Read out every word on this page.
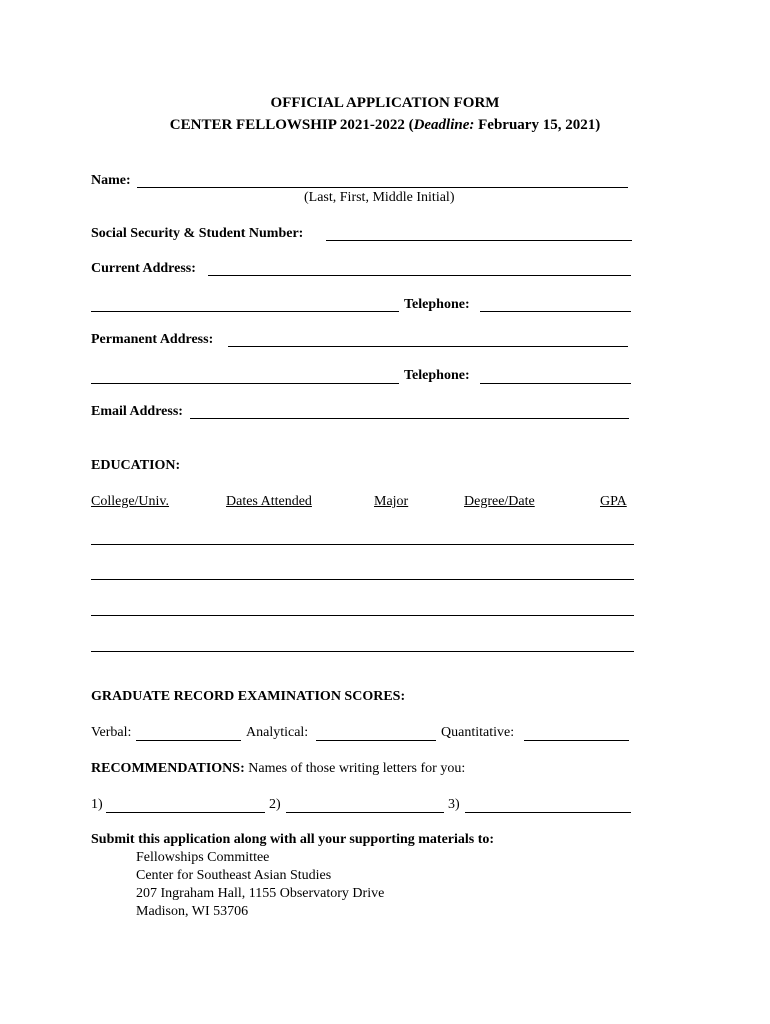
OFFICIAL APPLICATION FORM
CENTER FELLOWSHIP 2021-2022 (Deadline: February 15, 2021)
Name:
(Last, First, Middle Initial)
Social Security & Student Number:
Current Address:
Telephone:
Permanent Address:
Telephone:
Email Address:
EDUCATION:
College/Univ.	Dates Attended	Major	Degree/Date	GPA
GRADUATE RECORD EXAMINATION SCORES:
Verbal:	Analytical:	Quantitative:
RECOMMENDATIONS: Names of those writing letters for you:
1)	2)	3)
Submit this application along with all your supporting materials to:
Fellowships Committee
Center for Southeast Asian Studies
207 Ingraham Hall, 1155 Observatory Drive
Madison, WI 53706
